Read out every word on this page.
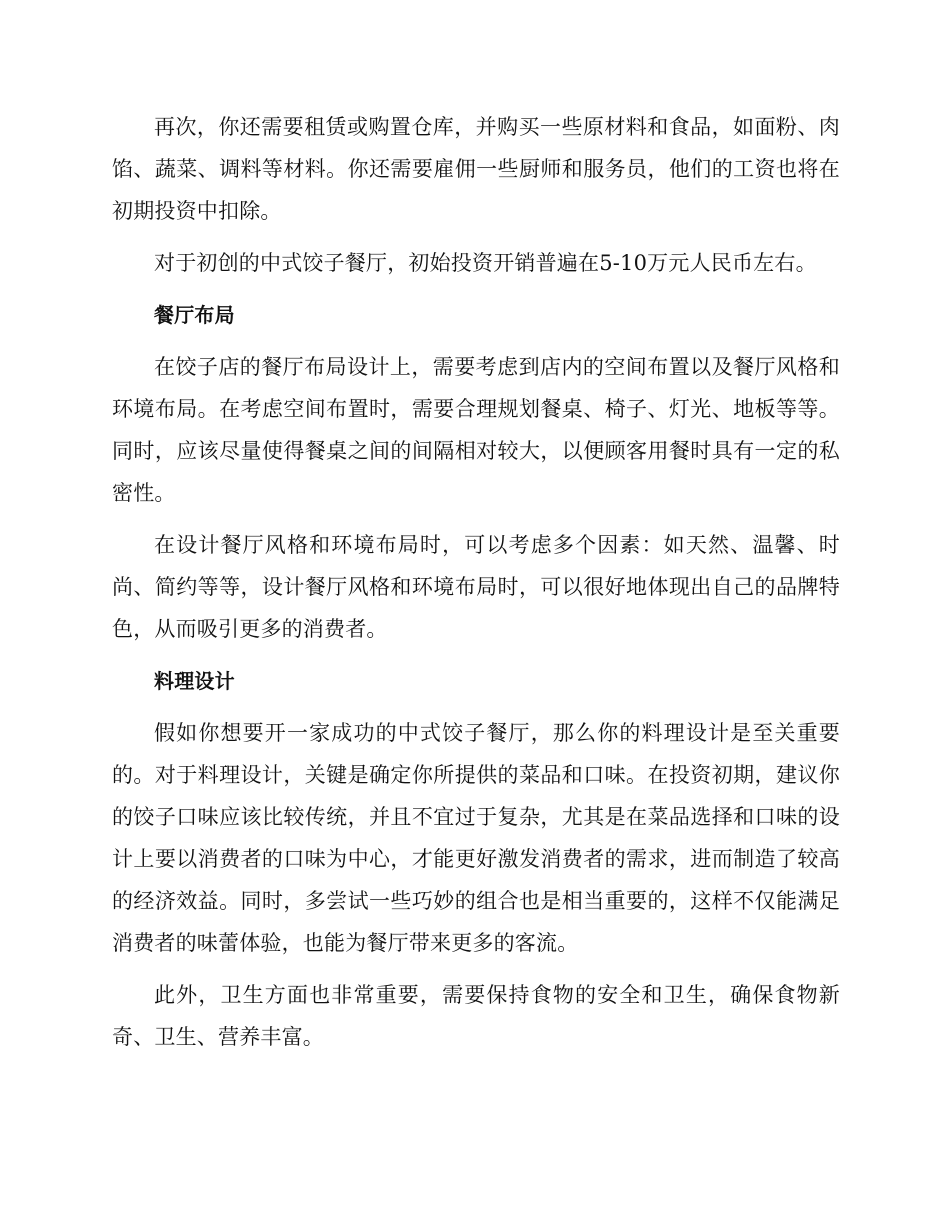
再次，你还需要租赁或购置仓库，并购买一些原材料和食品，如面粉、肉馅、蔬菜、调料等材料。你还需要雇佣一些厨师和服务员，他们的工资也将在初期投资中扣除。

对于初创的中式饺子餐厅，初始投资开销普遍在5-10万元人民币左右。

餐厅布局

在饺子店的餐厅布局设计上，需要考虑到店内的空间布置以及餐厅风格和环境布局。在考虑空间布置时，需要合理规划餐桌、椅子、灯光、地板等等。同时，应该尽量使得餐桌之间的间隔相对较大，以便顾客用餐时具有一定的私密性。

在设计餐厅风格和环境布局时，可以考虑多个因素：如天然、温馨、时尚、简约等等，设计餐厅风格和环境布局时，可以很好地体现出自己的品牌特色，从而吸引更多的消费者。

料理设计

假如你想要开一家成功的中式饺子餐厅，那么你的料理设计是至关重要的。对于料理设计，关键是确定你所提供的菜品和口味。在投资初期，建议你的饺子口味应该比较传统，并且不宜过于复杂，尤其是在菜品选择和口味的设计上要以消费者的口味为中心，才能更好激发消费者的需求，进而制造了较高的经济效益。同时，多尝试一些巧妙的组合也是相当重要的，这样不仅能满足消费者的味蕾体验，也能为餐厅带来更多的客流。

此外，卫生方面也非常重要，需要保持食物的安全和卫生，确保食物新奇、卫生、营养丰富。
